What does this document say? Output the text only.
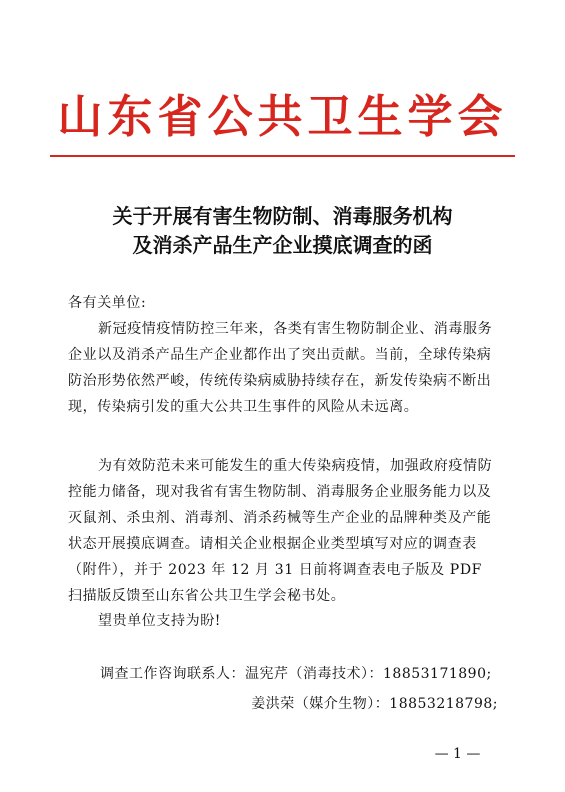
山东省公共卫生学会
关于开展有害生物防制、消毒服务机构
及消杀产品生产企业摸底调查的函
各有关单位:
新冠疫情疫情防控三年来，各类有害生物防制企业、消毒服务企业以及消杀产品生产企业都作出了突出贡献。当前，全球传染病防治形势依然严峻，传统传染病威胁持续存在，新发传染病不断出现，传染病引发的重大公共卫生事件的风险从未远离。
为有效防范未来可能发生的重大传染病疫情，加强政府疫情防控能力储备，现对我省有害生物防制、消毒服务企业服务能力以及灭鼠剂、杀虫剂、消毒剂、消杀药械等生产企业的品牌种类及产能状态开展摸底调查。请相关企业根据企业类型填写对应的调查表（附件），并于 2023 年 12 月 31 日前将调查表电子版及 PDF 扫描版反馈至山东省公共卫生学会秘书处。
望贵单位支持为盼!
调查工作咨询联系人：温宪芹（消毒技术）：18853171890;
姜洪荣（媒介生物）：18853218798;
— 1 —
